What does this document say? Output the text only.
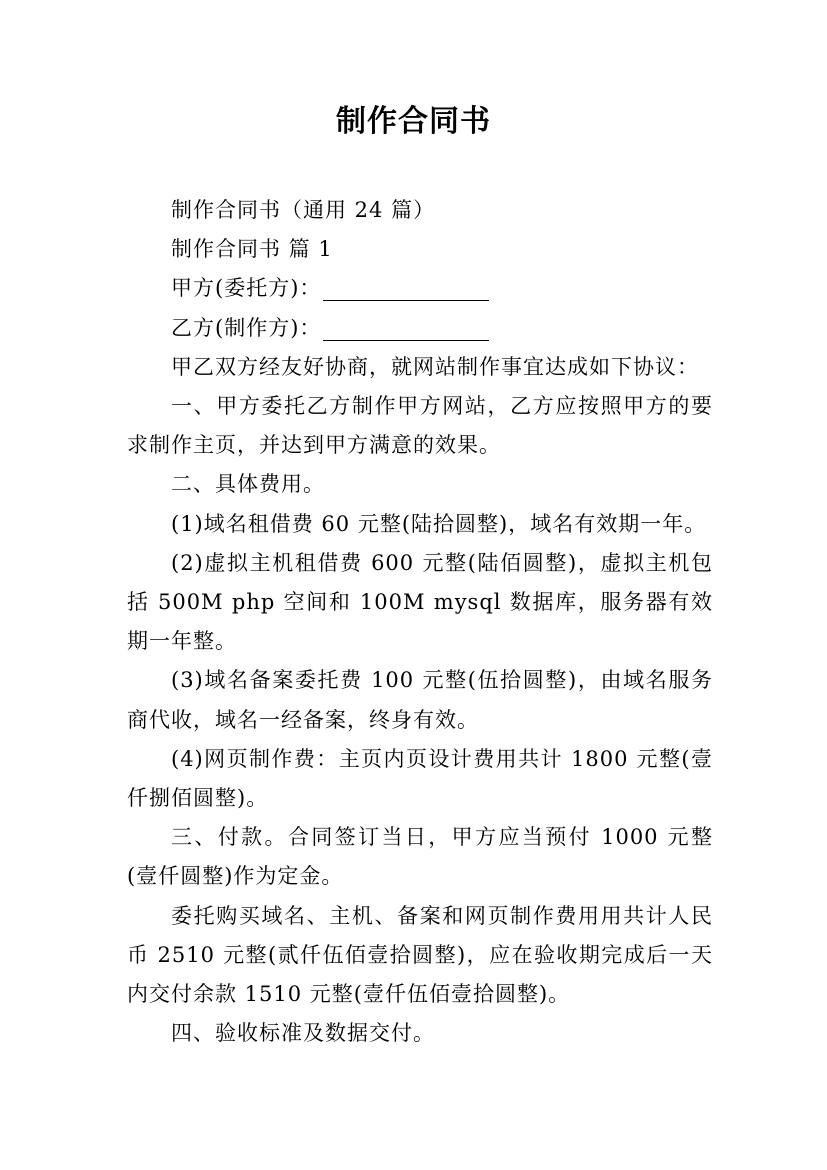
制作合同书

制作合同书（通用 24 篇）

制作合同书 篇 1

甲方(委托方)：

乙方(制作方)：

甲乙双方经友好协商，就网站制作事宜达成如下协议：

一、甲方委托乙方制作甲方网站，乙方应按照甲方的要求制作主页，并达到甲方满意的效果。

二、具体费用。

(1)域名租借费 60 元整(陆拾圆整)，域名有效期一年。

(2)虚拟主机租借费 600 元整(陆佰圆整)，虚拟主机包括 500M php 空间和 100M mysql 数据库，服务器有效期一年整。

(3)域名备案委托费 100 元整(伍拾圆整)，由域名服务商代收，域名一经备案，终身有效。

(4)网页制作费：主页内页设计费用共计 1800 元整(壹仟捌佰圆整)。

三、付款。合同签订当日，甲方应当预付 1000 元整(壹仟圆整)作为定金。

委托购买域名、主机、备案和网页制作费用用共计人民币 2510 元整(贰仟伍佰壹拾圆整)，应在验收期完成后一天内交付余款 1510 元整(壹仟伍佰壹拾圆整)。

四、验收标准及数据交付。
